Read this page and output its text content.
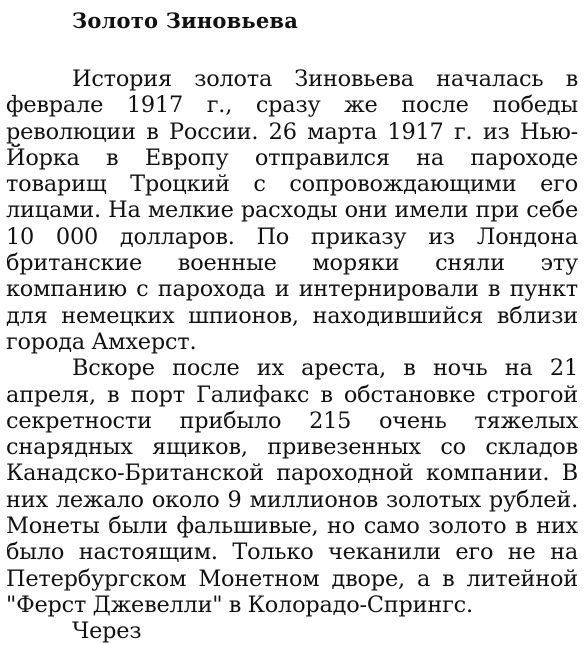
Золото Зиновьева

История золота Зиновьева началась в феврале 1917 г., сразу же после победы революции в России. 26 марта 1917 г. из Нью-Йорка в Европу отправился на пароходе товарищ Троцкий с сопровождающими его лицами. На мелкие расходы они имели при себе 10 000 долларов. По приказу из Лондона британские военные моряки сняли эту компанию с парохода и интернировали в пункт для немецких шпионов, находившийся вблизи города Амхерст.

Вскоре после их ареста, в ночь на 21 апреля, в порт Галифакс в обстановке строгой секретности прибыло 215 очень тяжелых снарядных ящиков, привезенных со складов Канадско-Британской пароходной компании. В них лежало около 9 миллионов золотых рублей. Монеты были фальшивые, но само золото в них было настоящим. Только чеканили его не на Петербургском Монетном дворе, а в литейной "Ферст Джевелли" в Колорадо-Спрингс.

Через
